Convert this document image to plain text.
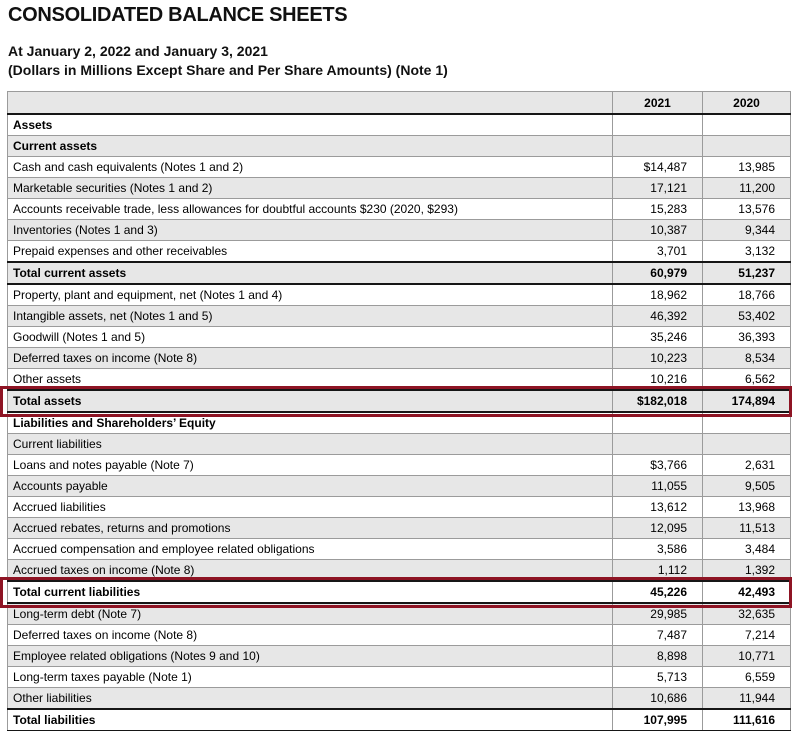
CONSOLIDATED BALANCE SHEETS
At January 2, 2022 and January 3, 2021
(Dollars in Millions Except Share and Per Share Amounts) (Note 1)
	2021	2020
Assets		
Current assets		
Cash and cash equivalents (Notes 1 and 2)	$14,487	13,985
Marketable securities (Notes 1 and 2)	17,121	11,200
Accounts receivable trade, less allowances for doubtful accounts $230 (2020, $293)	15,283	13,576
Inventories (Notes 1 and 3)	10,387	9,344
Prepaid expenses and other receivables	3,701	3,132
Total current assets	60,979	51,237
Property, plant and equipment, net (Notes 1 and 4)	18,962	18,766
Intangible assets, net (Notes 1 and 5)	46,392	53,402
Goodwill (Notes 1 and 5)	35,246	36,393
Deferred taxes on income (Note 8)	10,223	8,534
Other assets	10,216	6,562
Total assets	$182,018	174,894
Liabilities and Shareholders’ Equity		
Current liabilities		
Loans and notes payable (Note 7)	$3,766	2,631
Accounts payable	11,055	9,505
Accrued liabilities	13,612	13,968
Accrued rebates, returns and promotions	12,095	11,513
Accrued compensation and employee related obligations	3,586	3,484
Accrued taxes on income (Note 8)	1,112	1,392
Total current liabilities	45,226	42,493
Long-term debt (Note 7)	29,985	32,635
Deferred taxes on income (Note 8)	7,487	7,214
Employee related obligations (Notes 9 and 10)	8,898	10,771
Long-term taxes payable (Note 1)	5,713	6,559
Other liabilities	10,686	11,944
Total liabilities	107,995	111,616
